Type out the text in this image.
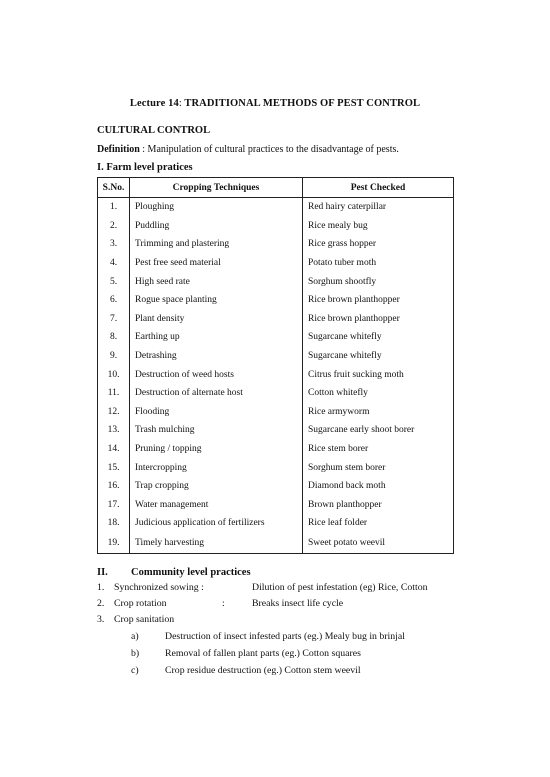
Lecture 14: TRADITIONAL METHODS OF PEST CONTROL
CULTURAL CONTROL
Definition : Manipulation of cultural practices to the disadvantage of pests.
I. Farm level pratices
S.No.	Cropping Techniques	Pest Checked
1.	Ploughing	Red hairy caterpillar
2.	Puddling	Rice mealy bug
3.	Trimming and plastering	Rice grass hopper
4.	Pest free seed material	Potato tuber moth
5.	High seed rate	Sorghum shootfly
6.	Rogue space planting	Rice brown planthopper
7.	Plant density	Rice brown planthopper
8.	Earthing up	Sugarcane whitefly
9.	Detrashing	Sugarcane whitefly
10.	Destruction of weed hosts	Citrus fruit sucking moth
11.	Destruction of alternate host	Cotton whitefly
12.	Flooding	Rice armyworm
13.	Trash mulching	Sugarcane early shoot borer
14.	Pruning / topping	Rice stem borer
15.	Intercropping	Sorghum stem borer
16.	Trap cropping	Diamond back moth
17.	Water management	Brown planthopper
18.	Judicious application of fertilizers	Rice leaf folder
19.	Timely harvesting	Sweet potato weevil
II. Community level practices
1. Synchronized sowing :	Dilution of pest infestation (eg) Rice, Cotton
2. Crop rotation	:	Breaks insect life cycle
3. Crop sanitation
a)	Destruction of insect infested parts (eg.) Mealy bug in brinjal
b)	Removal of fallen plant parts (eg.) Cotton squares
c)	Crop residue destruction (eg.) Cotton stem weevil
